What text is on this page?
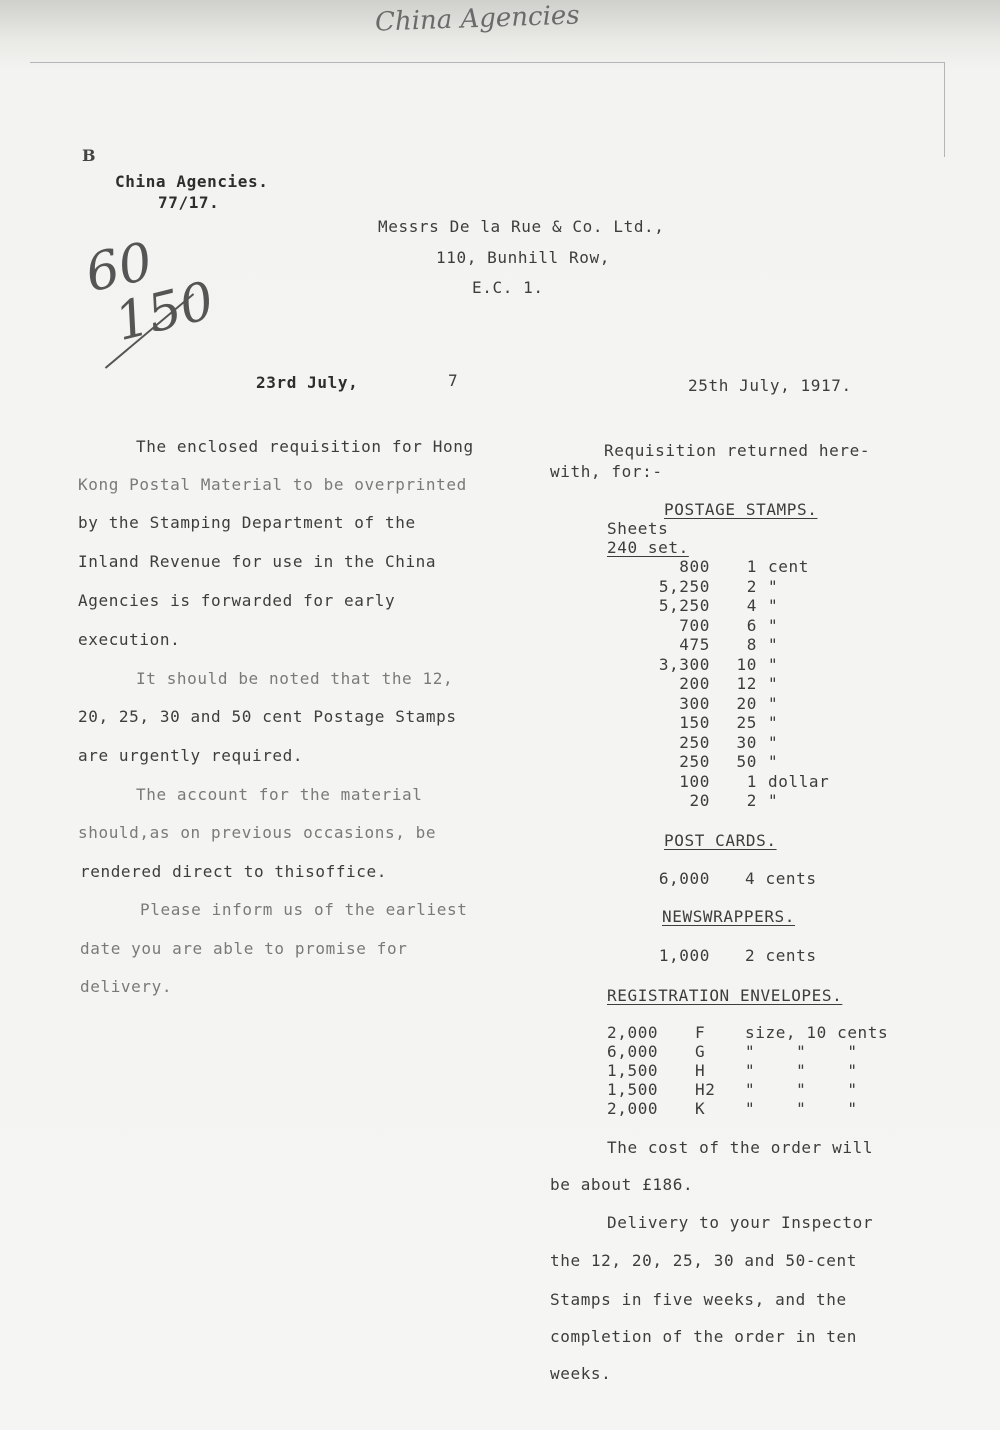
China Agencies
B
60
150
China Agencies.
77/17.
Messrs De la Rue & Co. Ltd.,
110, Bunhill Row,
E.C. 1.
23rd July,	7	25th July, 1917.
The enclosed requisition for Hong
Kong Postal Material to be overprinted
by the Stamping Department of the
Inland Revenue for use in the China
Agencies is forwarded for early
execution.
It should be noted that the 12,
20, 25, 30 and 50 cent Postage Stamps
are urgently required.
The account for the material
should,as on previous occasions, be
rendered direct to thisoffice.
Please inform us of the earliest
date you are able to promise for
delivery.
Requisition returned here-
with, for:-
POSTAGE STAMPS.
Sheets
240 set.
800	1 cent
5,250	2 "
5,250	4 "
700	6 "
475	8 "
3,300	10 "
200	12 "
300	20 "
150	25 "
250	30 "
250	50 "
100	1 dollar
20	2 "
POST CARDS.
6,000 4 cents
NEWSWRAPPERS.
1,000 2 cents
REGISTRATION ENVELOPES.
2,000 F size, 10 cents
6,000 G "    "    "
1,500 H "    "    "
1,500 H2 "    "    "
2,000 K "    "    "
The cost of the order will
be about £186.
Delivery to your Inspector
the 12, 20, 25, 30 and 50-cent
Stamps in five weeks, and the
completion of the order in ten
weeks.
